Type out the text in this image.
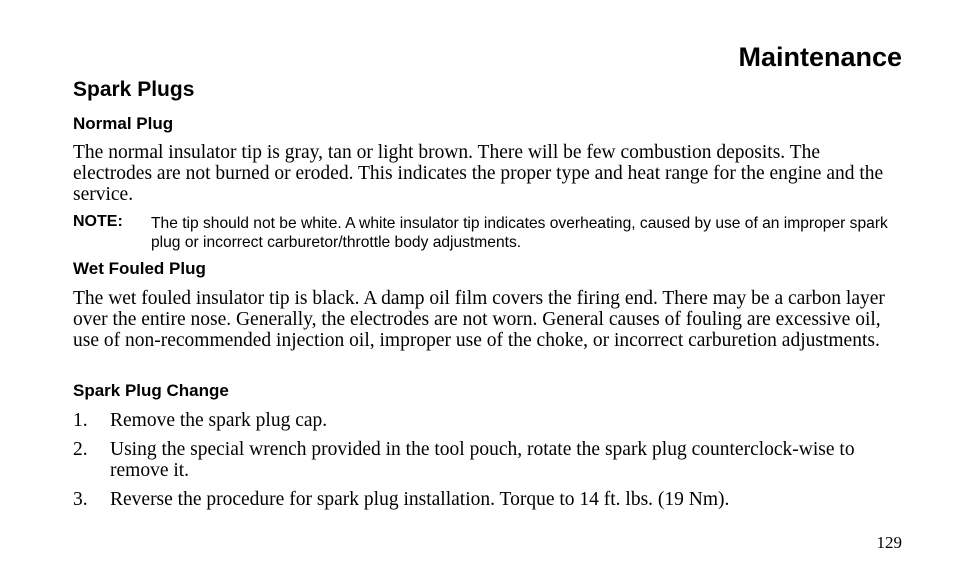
Maintenance
Spark Plugs
Normal Plug

The normal insulator tip is gray, tan or light brown. There will be few combustion deposits. The electrodes are not burned or eroded. This indicates the proper type and heat range for the engine and the service.

NOTE: The tip should not be white. A white insulator tip indicates overheating, caused by use of an improper spark plug or incorrect carburetor/throttle body adjustments.

Wet Fouled Plug

The wet fouled insulator tip is black. A damp oil film covers the firing end. There may be a carbon layer over the entire nose. Generally, the electrodes are not worn. General causes of fouling are excessive oil, use of non-recommended injection oil, improper use of the choke, or incorrect carburetion adjustments.

Spark Plug Change
1. Remove the spark plug cap.
2. Using the special wrench provided in the tool pouch, rotate the spark plug counterclock-wise to remove it.
3. Reverse the procedure for spark plug installation. Torque to 14 ft. lbs. (19 Nm).
129
